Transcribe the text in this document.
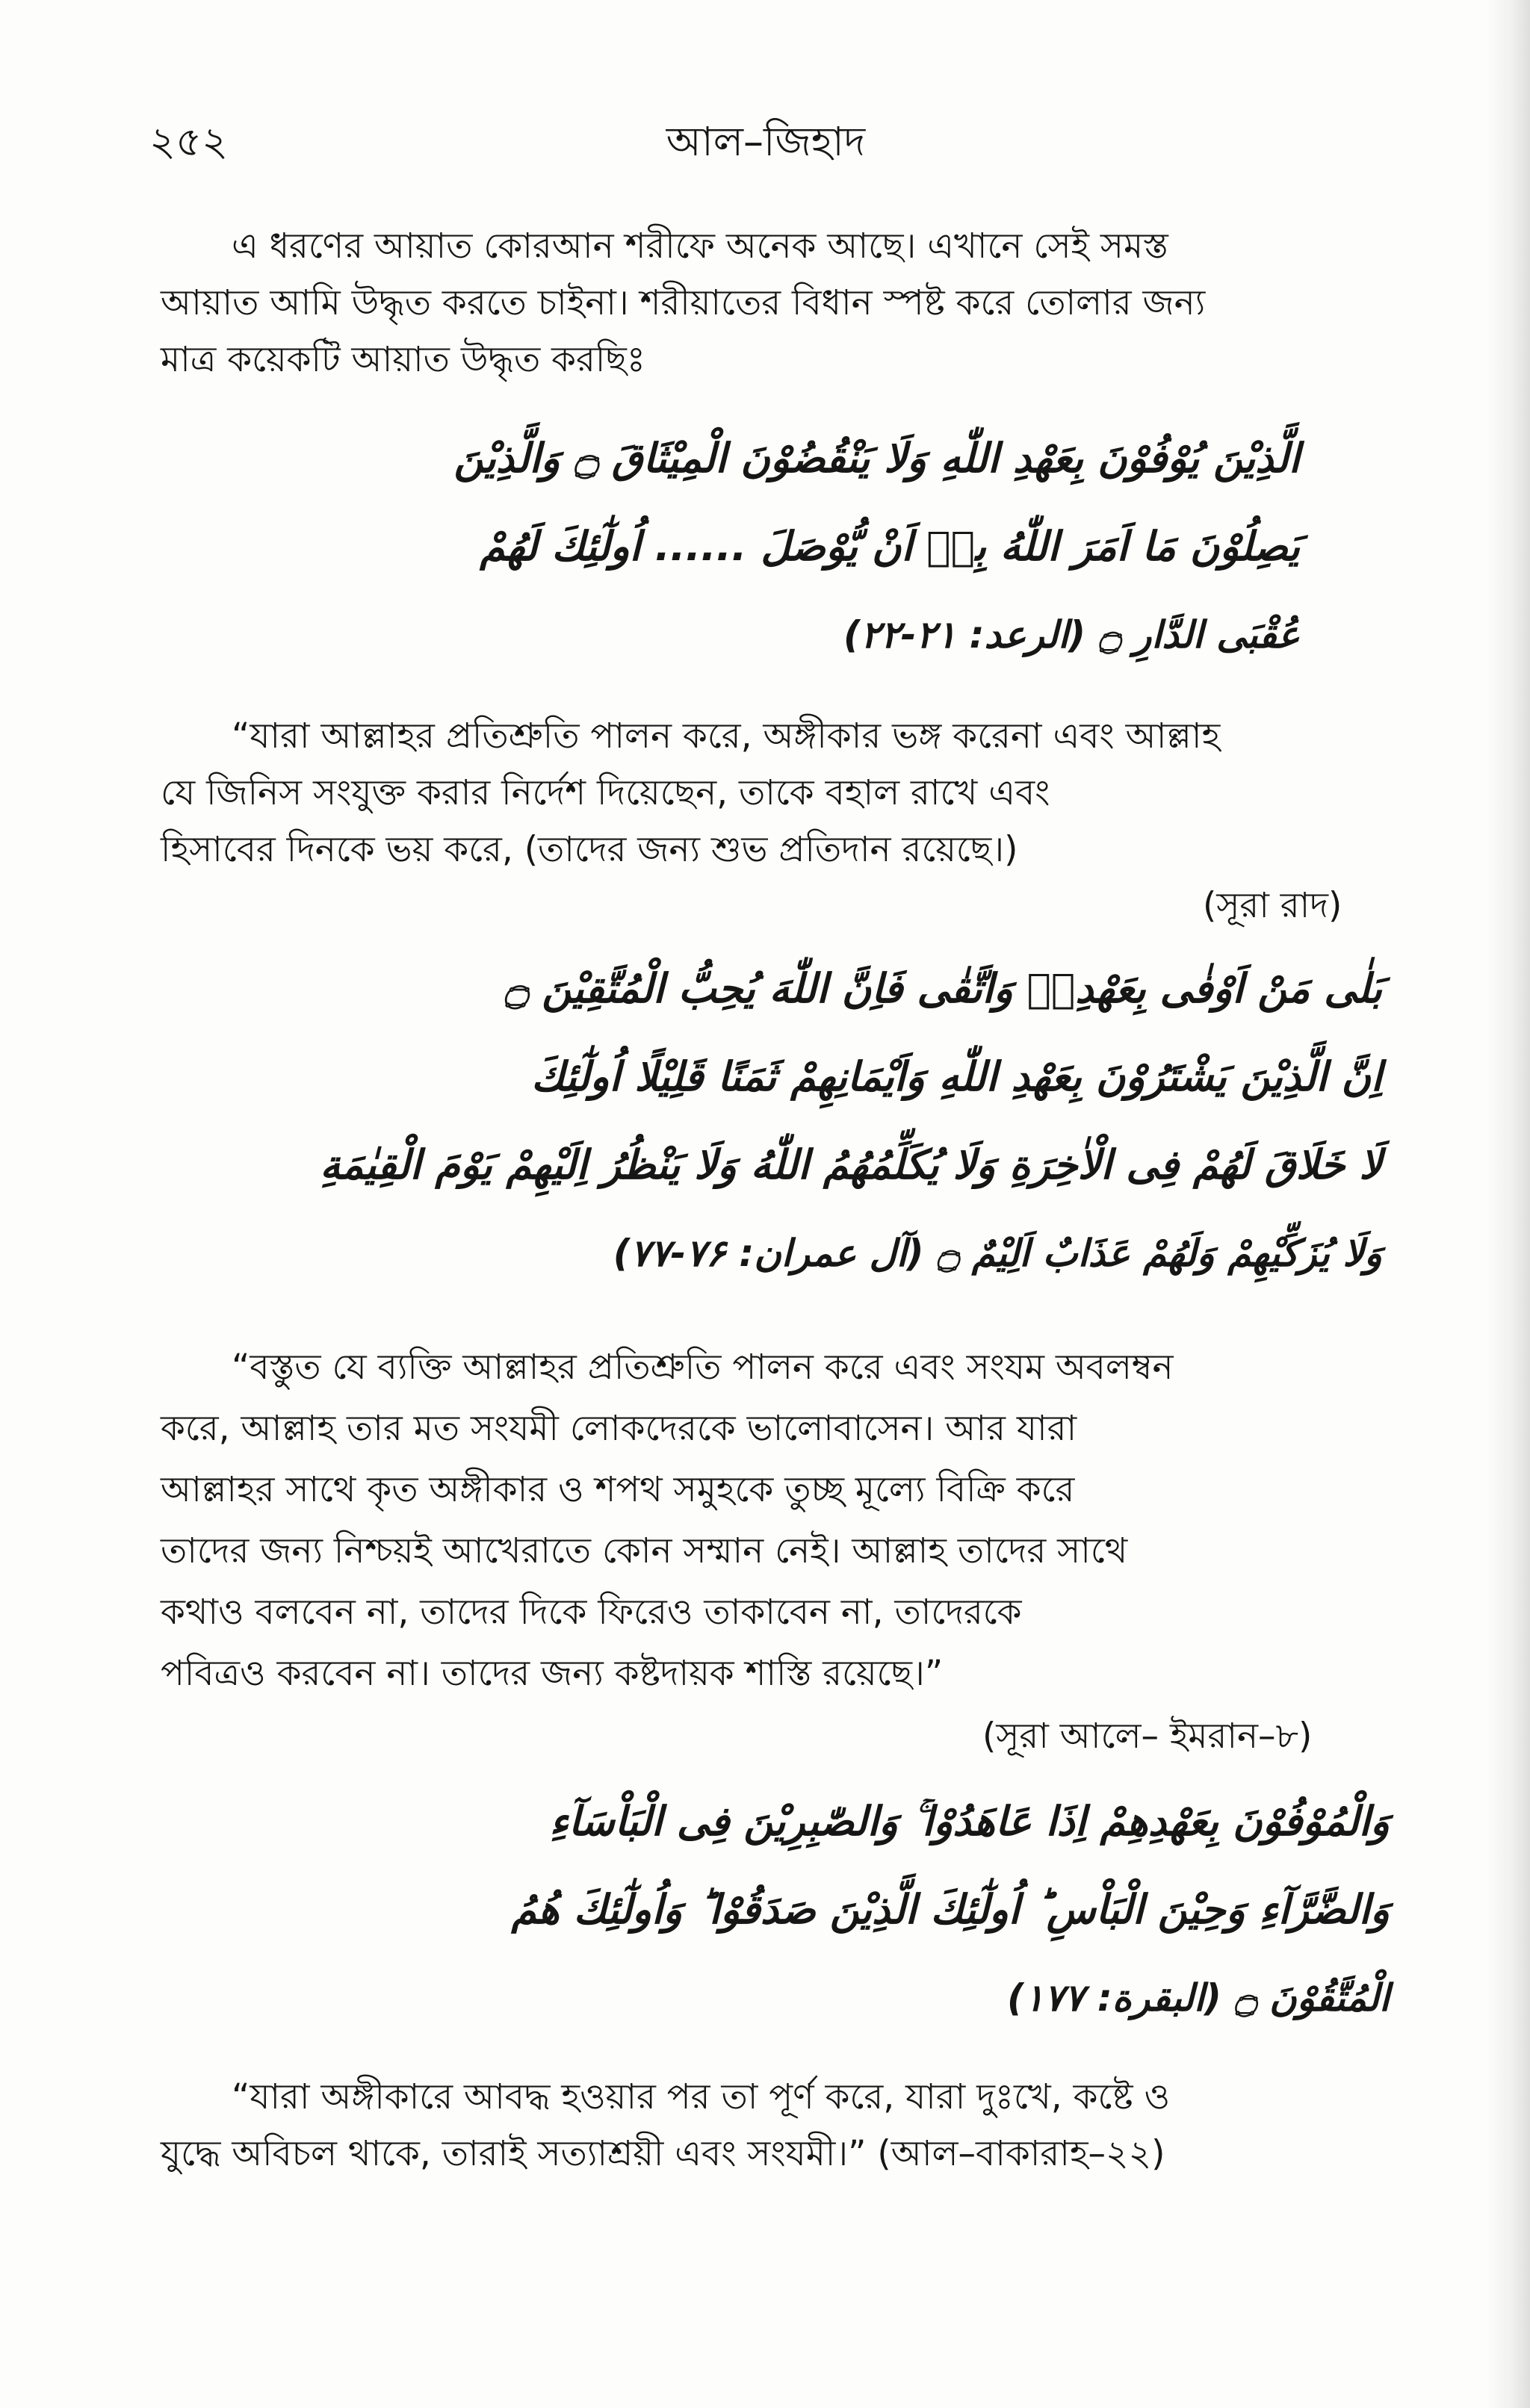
২৫২	আল–জিহাদ
এ ধরণের আয়াত কোরআন শরীফে অনেক আছে। এখানে সেই সমস্ত
আয়াত আমি উদ্ধৃত করতে চাইনা। শরীয়াতের বিধান স্পষ্ট করে তোলার জন্য
মাত্র কয়েকটি আয়াত উদ্ধৃত করছিঃ
الَّذِيْنَ يُوْفُوْنَ بِعَهْدِ اللّٰهِ وَلَا يَنْقُضُوْنَ الْمِيْثَاقَ ۝ وَالَّذِيْنَ
يَصِلُوْنَ مَا اَمَرَ اللّٰهُ بِهٖ اَنْ يُّوْصَلَ ...... اُولٰٓئِكَ لَهُمْ
عُقْبَى الدَّارِ ۝ (الرعد: ۲۱-۲۲)
“যারা আল্লাহর প্রতিশ্রুতি পালন করে, অঙ্গীকার ভঙ্গ করেনা এবং আল্লাহ
যে জিনিস সংযুক্ত করার নির্দেশ দিয়েছেন, তাকে বহাল রাখে এবং
হিসাবের দিনকে ভয় করে, (তাদের জন্য শুভ প্রতিদান রয়েছে।)
(সূরা রাদ)
بَلٰى مَنْ اَوْفٰى بِعَهْدِهٖ وَاتَّقٰى فَاِنَّ اللّٰهَ يُحِبُّ الْمُتَّقِيْنَ ۝
اِنَّ الَّذِيْنَ يَشْتَرُوْنَ بِعَهْدِ اللّٰهِ وَاَيْمَانِهِمْ ثَمَنًا قَلِيْلًا اُولٰٓئِكَ
لَا خَلَاقَ لَهُمْ فِى الْاٰخِرَةِ وَلَا يُكَلِّمُهُمُ اللّٰهُ وَلَا يَنْظُرُ اِلَيْهِمْ يَوْمَ الْقِيٰمَةِ
وَلَا يُزَكِّيْهِمْ وَلَهُمْ عَذَابٌ اَلِيْمٌ ۝ (آل عمران: ۷۶-۷۷)
“বস্তুত যে ব্যক্তি আল্লাহর প্রতিশ্রুতি পালন করে এবং সংযম অবলম্বন
করে, আল্লাহ তার মত সংযমী লোকদেরকে ভালোবাসেন। আর যারা
আল্লাহর সাথে কৃত অঙ্গীকার ও শপথ সমুহকে তুচ্ছ মূল্যে বিক্রি করে
তাদের জন্য নিশ্চয়ই আখেরাতে কোন সম্মান নেই। আল্লাহ তাদের সাথে
কথাও বলবেন না, তাদের দিকে ফিরেও তাকাবেন না, তাদেরকে
পবিত্রও করবেন না। তাদের জন্য কষ্টদায়ক শাস্তি রয়েছে।”
(সূরা আলে– ইমরান–৮)
وَالْمُوْفُوْنَ بِعَهْدِهِمْ اِذَا عَاهَدُوْا ۚ وَالصّٰبِرِيْنَ فِى الْبَاْسَآءِ
وَالضَّرَّآءِ وَحِيْنَ الْبَاْسِ ؕ اُولٰٓئِكَ الَّذِيْنَ صَدَقُوْا ؕ وَاُولٰٓئِكَ هُمُ
الْمُتَّقُوْنَ ۝ (البقرة: ۱۷۷)
“যারা অঙ্গীকারে আবদ্ধ হওয়ার পর তা পূর্ণ করে, যারা দুঃখে, কষ্টে ও
যুদ্ধে অবিচল থাকে, তারাই সত্যাশ্রয়ী এবং সংযমী।” (আল–বাকারাহ–২২)
